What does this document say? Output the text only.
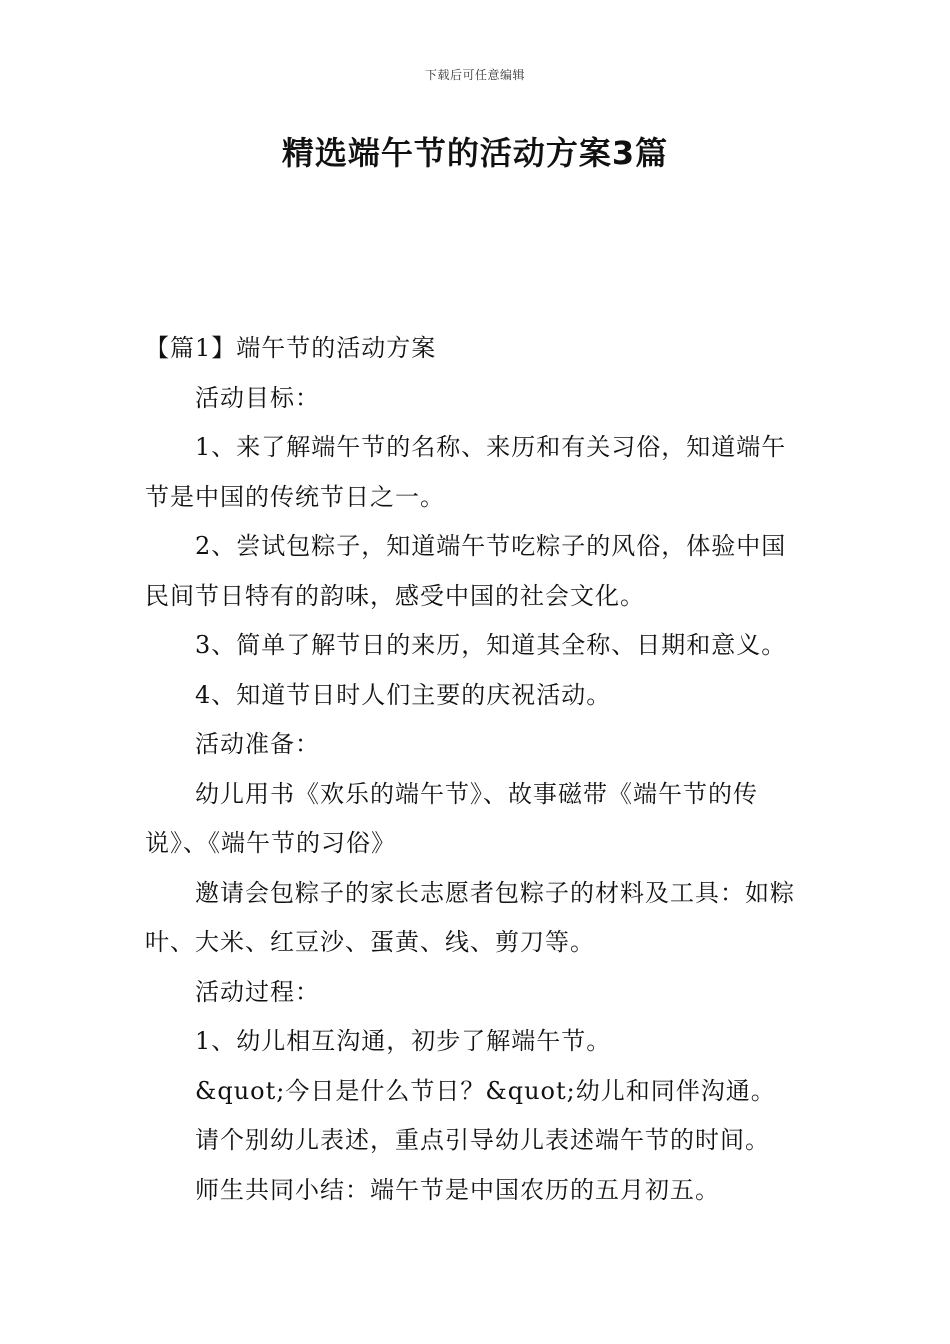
下载后可任意编辑
精选端午节的活动方案3篇

【篇1】端午节的活动方案

活动目标：

1、来了解端午节的名称、来历和有关习俗，知道端午节是中国的传统节日之一。

2、尝试包粽子，知道端午节吃粽子的风俗，体验中国民间节日特有的韵味，感受中国的社会文化。

3、简单了解节日的来历，知道其全称、日期和意义。

4、知道节日时人们主要的庆祝活动。

活动准备：

幼儿用书《欢乐的端午节》、故事磁带《端午节的传说》、《端午节的习俗》

邀请会包粽子的家长志愿者包粽子的材料及工具：如粽叶、大米、红豆沙、蛋黄、线、剪刀等。

活动过程：

1、幼儿相互沟通，初步了解端午节。

&quot;今日是什么节日？&quot;幼儿和同伴沟通。

请个别幼儿表述，重点引导幼儿表述端午节的时间。

师生共同小结：端午节是中国农历的五月初五。
